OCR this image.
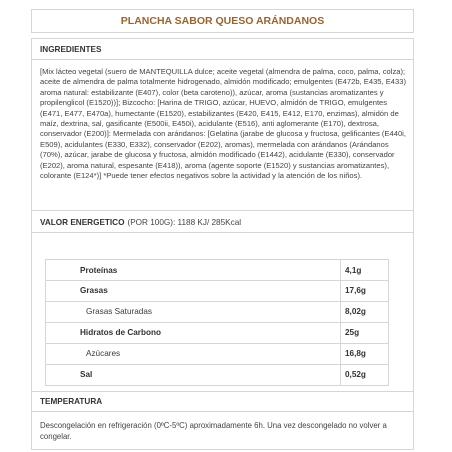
PLANCHA SABOR QUESO ARÁNDANOS
INGREDIENTES
[Mix lácteo vegetal (suero de MANTEQUILLA dulce; aceite vegetal (almendra de palma, coco, palma, colza); aceite de almendra de palma totalmente hidrogenado, almidón modificado; emulgentes (E472b, E435, E433) aroma natural: estabilizante (E407), color (beta caroteno)), azúcar, aroma (sustancias aromatizantes y propilenglicol (E1520))]; Bizcocho: [Harina de TRIGO, azúcar, HUEVO, almidón de TRIGO, emulgentes (E471, E477, E470a), humectante (E1520), estabilizantes (E420, E415, E412, E170, enzimas), almidón de maíz, dextrina, sal, gasificante (E500ii, E450i), acidulante (E516), anti aglomerante (E170), dextrosa, conservador (E200)]: Mermelada con arándanos: [Gelatina (jarabe de glucosa y fructosa, gelificantes (E440i, E509), acidulantes (E330, E332), conservador (E202), aromas), mermelada con arándanos (Arándanos (70%), azúcar, jarabe de glucosa y fructosa, almidón modificado (E1442), acidulante (E330), conservador (E202), aroma natural, espesante (E418)), aroma (agente soporte (E1520) y sustancias aromatizantes), colorante (E124*)] *Puede tener efectos negativos sobre la actividad y la atención de los niños).
VALOR ENERGETICO (POR 100G): 1188 KJ/ 285Kcal
TEMPERATURA
Descongelación en refrigeración (0ºC-5ºC) aproximadamente 6h. Una vez descongelado no volver a congelar.
Proteínas	4,1g
Grasas	17,6g
Grasas Saturadas	8,02g
Hidratos de Carbono	25g
Azúcares	16,8g
Sal	0,52g
